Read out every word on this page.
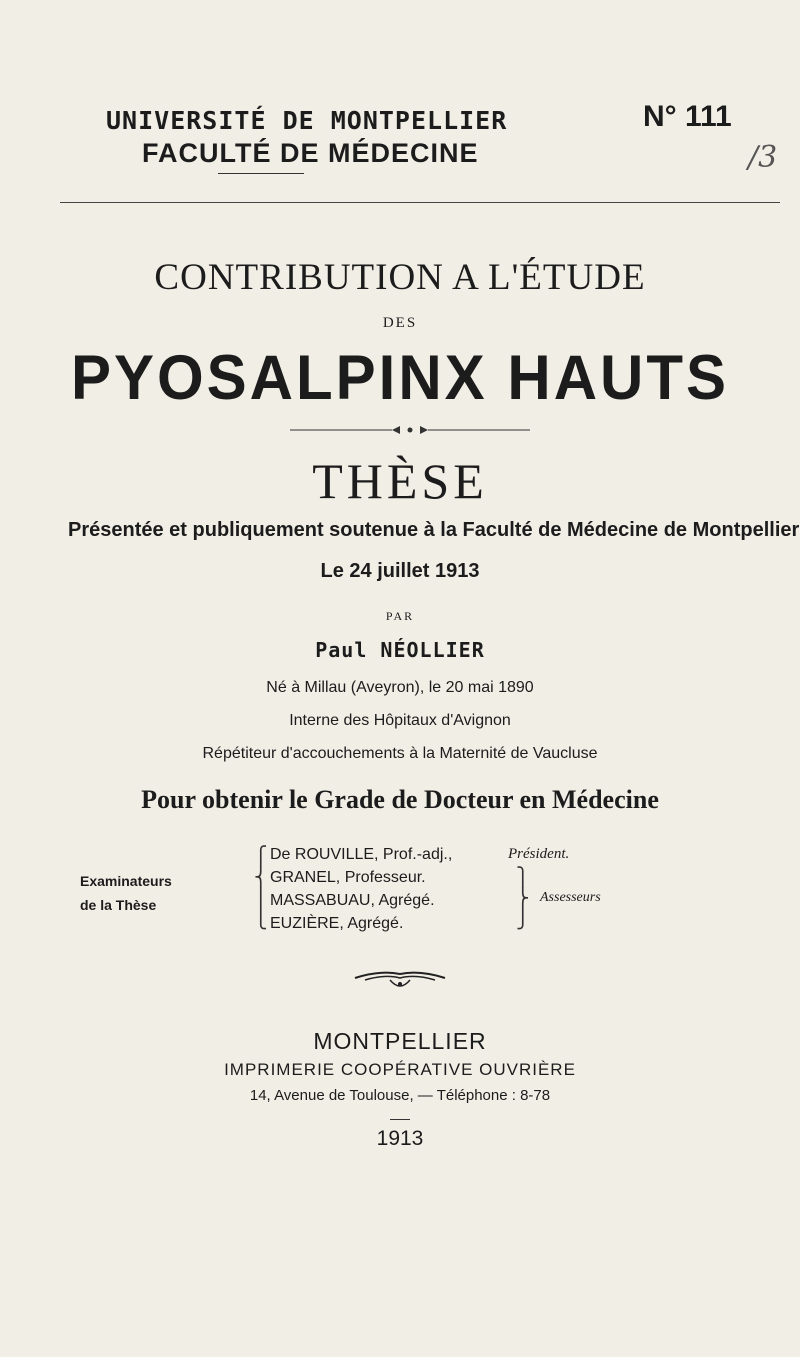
UNIVERSITÉ DE MONTPELLIER	N° 111
FACULTÉ DE MÉDECINE	/3
CONTRIBUTION A L'ÉTUDE
DES
PYOSALPINX HAUTS
THÈSE
Présentée et publiquement soutenue à la Faculté de Médecine de Montpellier
Le 24 juillet 1913
PAR
Paul NÉOLLIER
Né à Millau (Aveyron), le 20 mai 1890
Interne des Hôpitaux d'Avignon
Répétiteur d'accouchements à la Maternité de Vaucluse
Pour obtenir le Grade de Docteur en Médecine
Examinateurs
de la Thèse
⎧
⎨
⎪
⎩
De ROUVILLE, Prof.-adj.,
GRANEL, Professeur.
MASSABUAU, Agrégé.
EUZIÈRE, Agrégé.
Président.
⎫
⎬
⎭
Assesseurs
MONTPELLIER
IMPRIMERIE COOPÉRATIVE OUVRIÈRE
14, Avenue de Toulouse, — Téléphone : 8-78
1913
